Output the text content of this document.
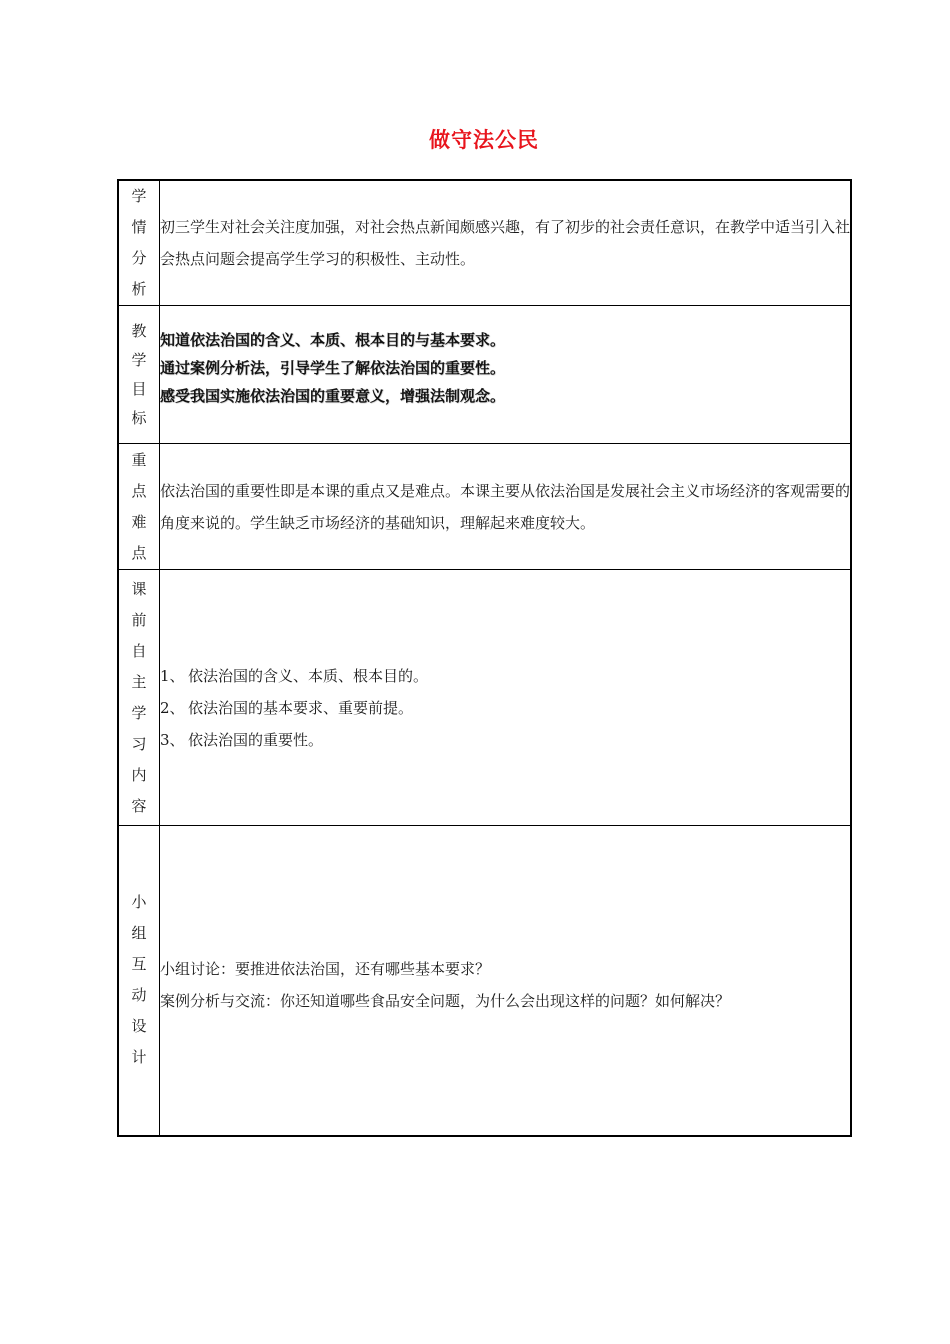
做守法公民
学情分析	初三学生对社会关注度加强，对社会热点新闻颇感兴趣，有了初步的社会责任意识，在教学中适当引入社会热点问题会提高学生学习的积极性、主动性。

教学目标	知道依法治国的含义、本质、根本目的与基本要求。
通过案例分析法，引导学生了解依法治国的重要性。
感受我国实施依法治国的重要意义，增强法制观念。

重点难点	依法治国的重要性即是本课的重点又是难点。本课主要从依法治国是发展社会主义市场经济的客观需要的角度来说的。学生缺乏市场经济的基础知识，理解起来难度较大。

课前自主学习内容	1、 依法治国的含义、本质、根本目的。
2、 依法治国的基本要求、重要前提。
3、 依法治国的重要性。

小组互动设计	小组讨论：要推进依法治国，还有哪些基本要求？
案例分析与交流：你还知道哪些食品安全问题，为什么会出现这样的问题？如何解决？
